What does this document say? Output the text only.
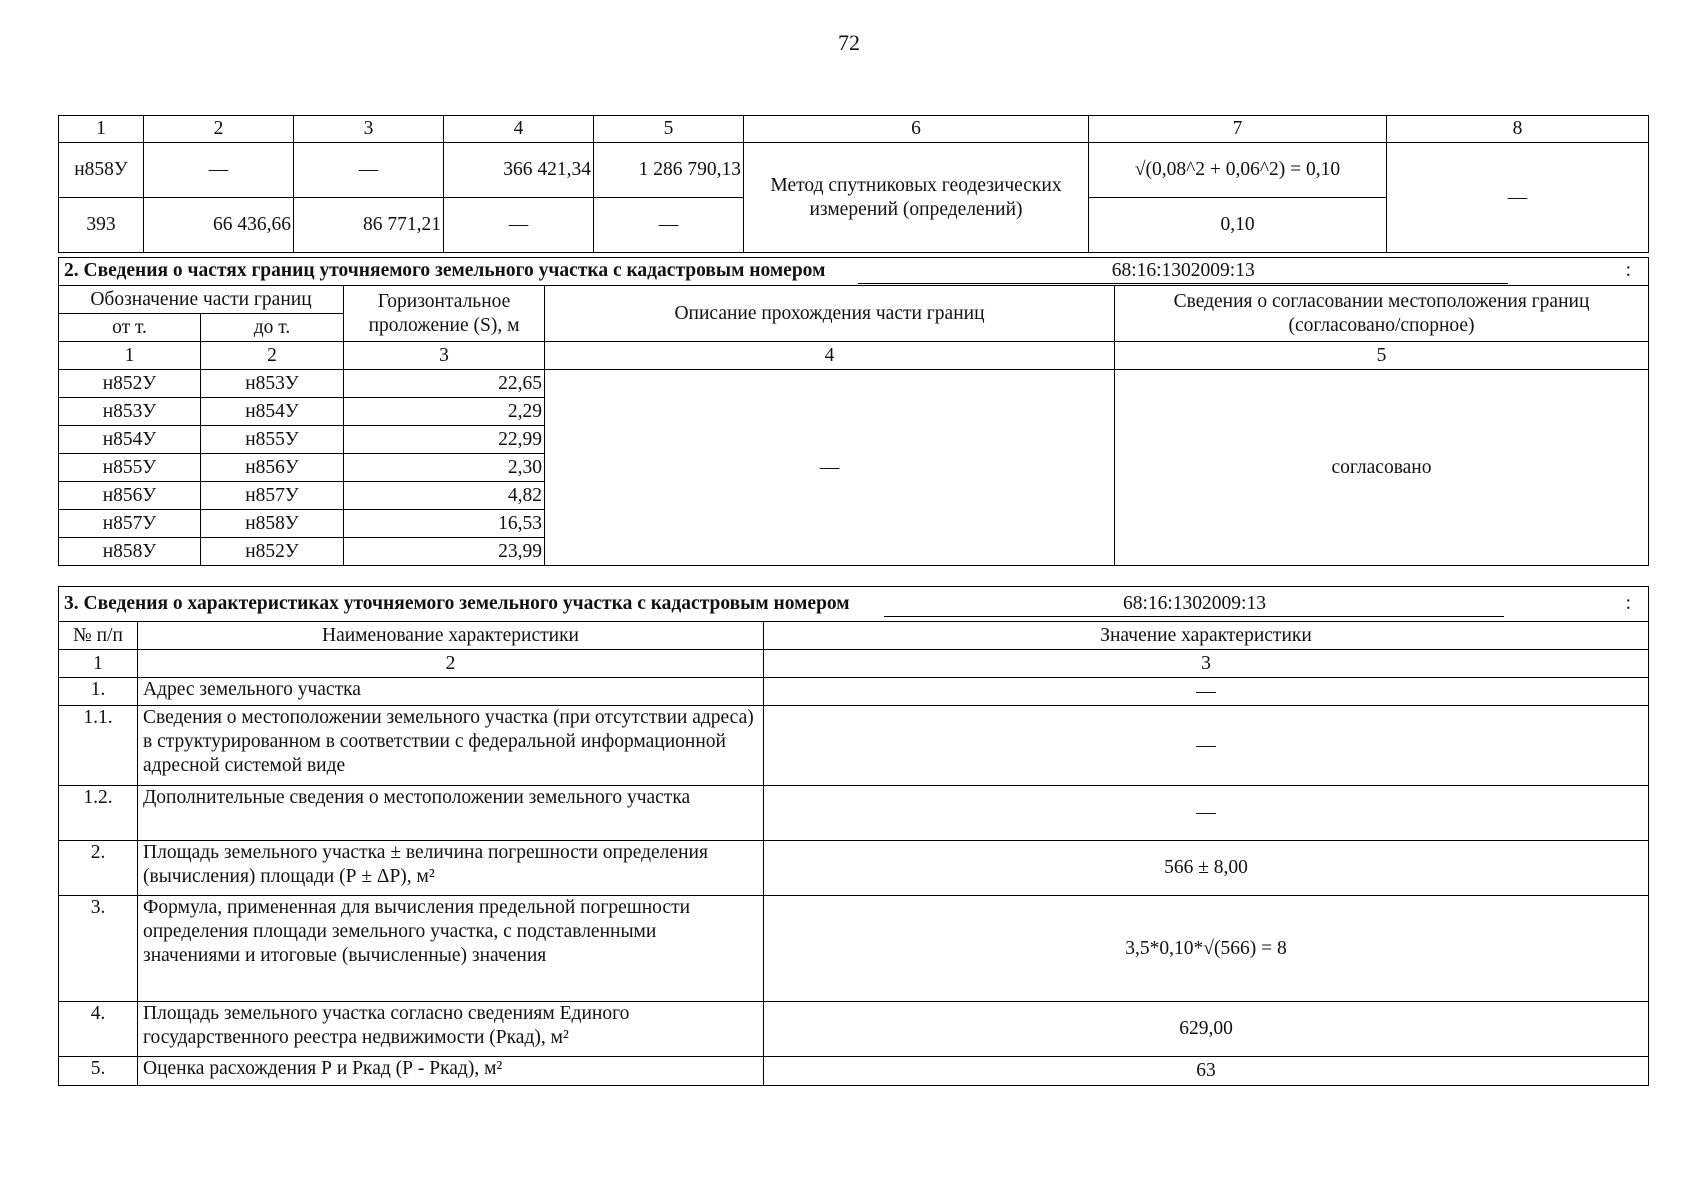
72
1	2	3	4	5	6	7	8
н858У	—	—	366 421,34	1 286 790,13	Метод спутниковых геодезических измерений (определений)	√(0,08^2 + 0,06^2) = 0,10	—
393	66 436,66	86 771,21	—	—		0,10	
2. Сведения о частях границ уточняемого земельного участка с кадастровым номером 68:16:1302009:13 :				

Обозначение части границ		Горизонтальное проложение (S), м	Описание прохождения части границ	Сведения о согласовании местоположения границ (согласовано/спорное)
от т.	до т.			
1	2	3	4	5
н852У	н853У	22,65	—	согласовано
н853У	н854У	2,29		
н854У	н855У	22,99		
н855У	н856У	2,30		
н856У	н857У	4,82		
н857У	н858У	16,53		
н858У	н852У	23,99		
3. Сведения о характеристиках уточняемого земельного участка с кадастровым номером 68:16:1302009:13 :		

№ п/п	Наименование характеристики	Значение характеристики
1	2	3
1.	Адрес земельного участка	—
1.1.	Сведения о местоположении земельного участка (при отсутствии адреса) в структурированном в соответствии с федеральной информационной адресной системой виде	—
1.2.	Дополнительные сведения о местоположении земельного участка	—
2.	Площадь земельного участка ± величина погрешности определения (вычисления) площади (Р ± ΔР), м²	566 ± 8,00
3.	Формула, примененная для вычисления предельной погрешности определения площади земельного участка, с подставленными значениями и итоговые (вычисленные) значения	3,5*0,10*√(566) = 8
4.	Площадь земельного участка согласно сведениям Единого государственного реестра недвижимости (Ркад), м²	629,00
5.	Оценка расхождения Р и Ркад (Р - Ркад), м²	63
